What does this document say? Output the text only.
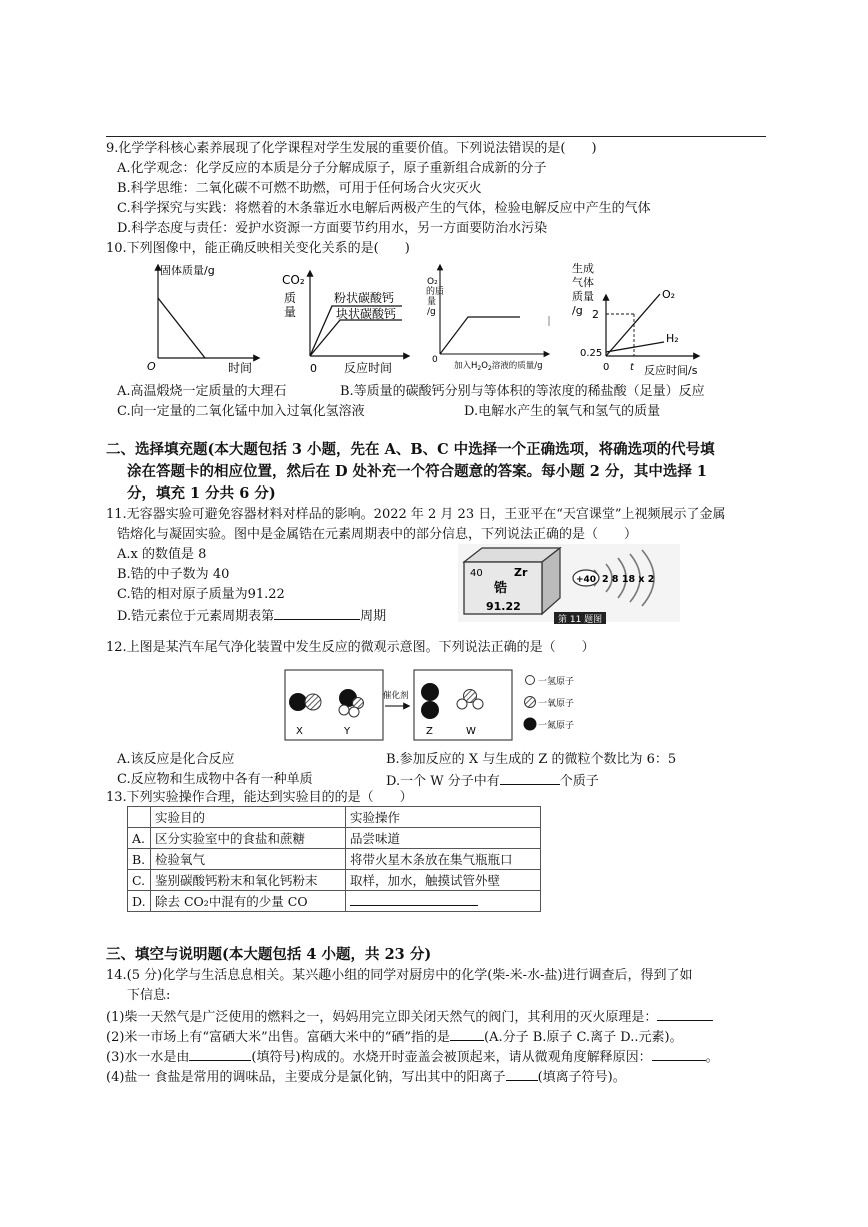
9.化学学科核心素养展现了化学课程对学生发展的重要价值。下列说法错误的是(　　)
A.化学观念：化学反应的本质是分子分解成原子，原子重新组合成新的分子
B.科学思维：二氧化碳不可燃不助燃，可用于任何场合火灾灭火
C.科学探究与实践：将燃着的木条靠近水电解后两极产生的气体，检验电解反应中产生的气体
D.科学态度与责任：爱护水资源一方面要节约用水，另一方面要防治水污染
10.下列图像中，能正确反映相关变化关系的是(　　)
固体质量/g
O	时间
CO₂
质
量
粉状碳酸钙
块状碳酸钙
0 反应时间
O₂
的质
量
/g
0
加入$H_2O_2$溶液的质量/g
生成
气体
质量
/g 2
0.25
0 t
O₂
H₂
反应时间/s
A.高温煅烧一定质量的大理石	B.等质量的碳酸钙分别与等体积的等浓度的稀盐酸（足量）反应
C.向一定量的二氧化锰中加入过氧化氢溶液	D.电解水产生的氧气和氢气的质量
二、选择填充题(本大题包括 3 小题，先在 A、B、C 中选择一个正确选项，将确选项的代号填
涂在答题卡的相应位置，然后在 D 处补充一个符合题意的答案。每小题 2 分，其中选择 1
分，填充 1 分共 6 分)
11.无容器实验可避免容器材料对样品的影响。2022 年 2 月 23 日，王亚平在“天宫课堂”上视频展示了金属
锆熔化与凝固实验。图中是金属锆在元素周期表中的部分信息，下列说法正确的是（　　）
A.x 的数值是 8
B.锆的中子数为 40
C.锆的相对原子质量为91.22
D.锆元素位于元素周期表第	周期
40	Zr
锆
91.22
+40 2 8 18 x 2
第 11 题图
12.上图是某汽车尾气净化装置中发生反应的微观示意图。下列说法正确的是（　　）
X	Y
催化剂
Z	W
一氢原子
一氧原子
一氮原子
A.该反应是化合反应	B.参加反应的 X 与生成的 Z 的微粒个数比为 6：5
C.反应物和生成物中各有一种单质	D.一个 W 分子中有	个质子
13.下列实验操作合理，能达到实验目的的是（　　）
	实验目的	实验操作
A.	区分实验室中的食盐和蔗糖	品尝味道
B.	检验氧气	将带火星木条放在集气瓶瓶口
C.	鉴别碳酸钙粉末和氧化钙粉末	取样，加水，触摸试管外壁
D.	除去 CO₂中混有的少量 CO	
三、填空与说明题(本大题包括 4 小题，共 23 分)
14.(5 分)化学与生活息息相关。某兴趣小组的同学对厨房中的化学(柴-米-水-盐)进行调查后，得到了如
下信息:
(1)柴一天然气是广泛使用的燃料之一，妈妈用完立即关闭天然气的阀门，其利用的灭火原理是：
(2)米一市场上有“富硒大米”出售。富硒大米中的“硒”指的是	(A.分子 B.原子 C.离子 D..元素)。
(3)水一水是由	(填符号)构成的。水烧开时壶盖会被顶起来，请从微观角度解释原因：	。
(4)盐一 食盐是常用的调味品，主要成分是氯化钠，写出其中的阳离子 (填离子符号)。
